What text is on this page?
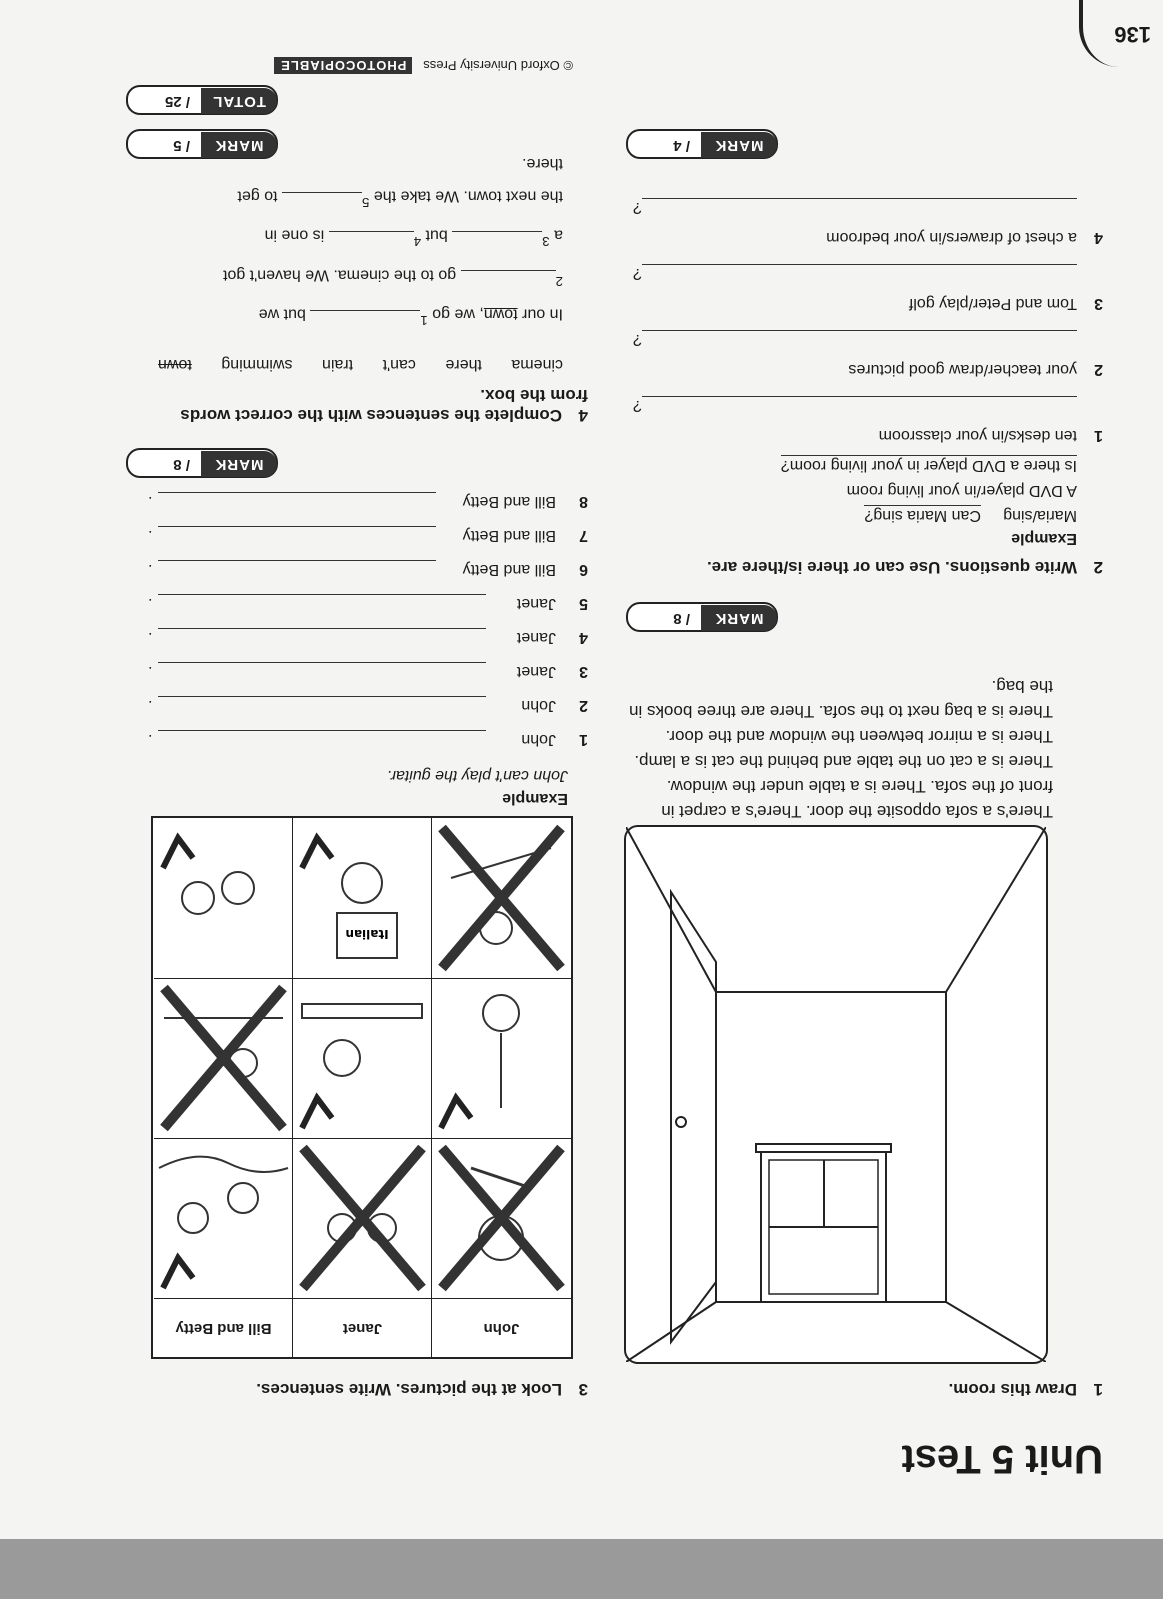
136
Unit 5 Test
1Draw this room.
There's a sofa opposite the door. There's a carpet in front of the sofa. There is a table under the window. There is a cat on the table and behind the cat is a lamp. There is a mirror between the window and the door. There is a bag next to the sofa. There are three books in the bag.
MARK
/ 8
2Write questions. Use can or there is/there are.
Example
Maria/sing     Can Maria sing?
A DVD player/in your living room
Is there a DVD player in your living room?
1ten desks/in your classroom
?
2your teacher/draw good pictures
?
3Tom and Peter/play golf
?
4a chest of drawers/in your bedroom
?
MARK
/ 4
3Look at the pictures. Write sentences.
John
Janet
Bill and Betty
Italian
Example
John can't play the guitar.
1
John
.
2
John
.
3
Janet
.
4
Janet
.
5
Janet
.
6
Bill and Betty
.
7
Bill and Betty
.
8
Bill and Betty
.
MARK
/ 8
4Complete the sentences with the correct words from the box.
cinema
there
can't
train
swimming
town
In our town, we go $^1$ but we
$^2$ go to the cinema. We haven't got
a $^3$ but $^4$ is one in
the next town. We take the $^5$ to get
there.
MARK
/ 5
TOTAL
/ 25
© Oxford University Press   PHOTOCOPIABLE
